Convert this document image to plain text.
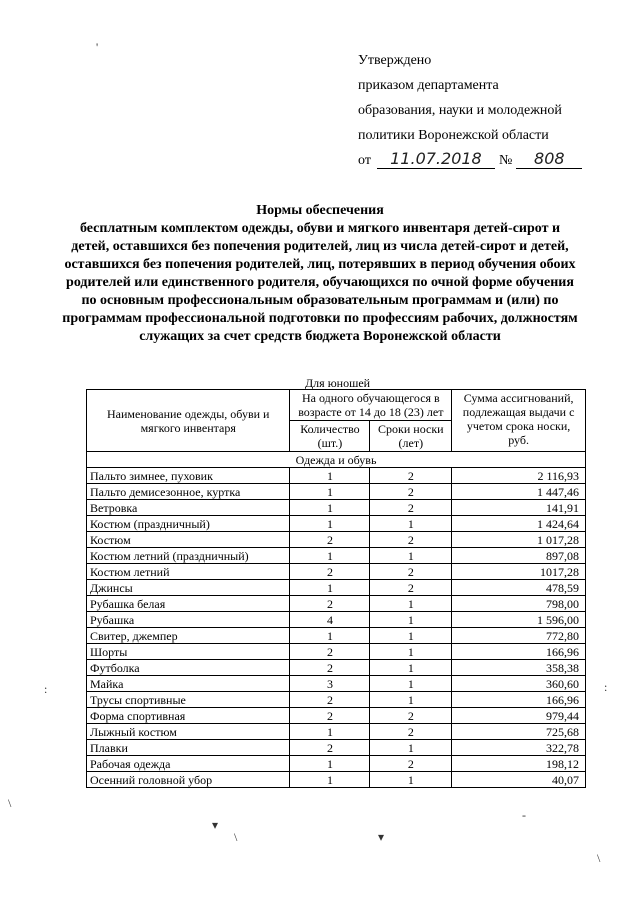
Утверждено
приказом департамента
образования, науки и молодежной
политики Воронежской области
от	11.07.2018	№	808
Нормы обеспечения
бесплатным комплектом одежды, обуви и мягкого инвентаря детей-сирот и детей, оставшихся без попечения родителей, лиц из числа детей-сирот и детей, оставшихся без попечения родителей, лиц, потерявших в период обучения обоих родителей или единственного родителя, обучающихся по очной форме обучения по основным профессиональным образовательным программам и (или) по программам профессиональной подготовки по профессиям рабочих, должностям служащих за счет средств бюджета Воронежской области
Для юношей
Наименование одежды, обуви и мягкого инвентаря	На одного обучающегося в возрасте от 14 до 18 (23) лет		Сумма ассигнований, подлежащая выдачи с учетом срока носки, руб.
	Количество (шт.)	Сроки носки (лет)	
Одежда и обувь			
Пальто зимнее, пуховик	1	2	2 116,93
Пальто демисезонное, куртка	1	2	1 447,46
Ветровка	1	2	141,91
Костюм (праздничный)	1	1	1 424,64
Костюм	2	2	1 017,28
Костюм летний (праздничный)	1	1	897,08
Костюм летний	2	2	1017,28
Джинсы	1	2	478,59
Рубашка белая	2	1	798,00
Рубашка	4	1	1 596,00
Свитер, джемпер	1	1	772,80
Шорты	2	1	166,96
Футболка	2	1	358,38
Майка	3	1	360,60
Трусы спортивные	2	1	166,96
Форма спортивная	2	2	979,44
Лыжный костюм	1	2	725,68
Плавки	2	1	322,78
Рабочая одежда	1	2	198,12
Осенний головной убор	1	1	40,07
'
:	:
\
▾
\	▾
-
\
